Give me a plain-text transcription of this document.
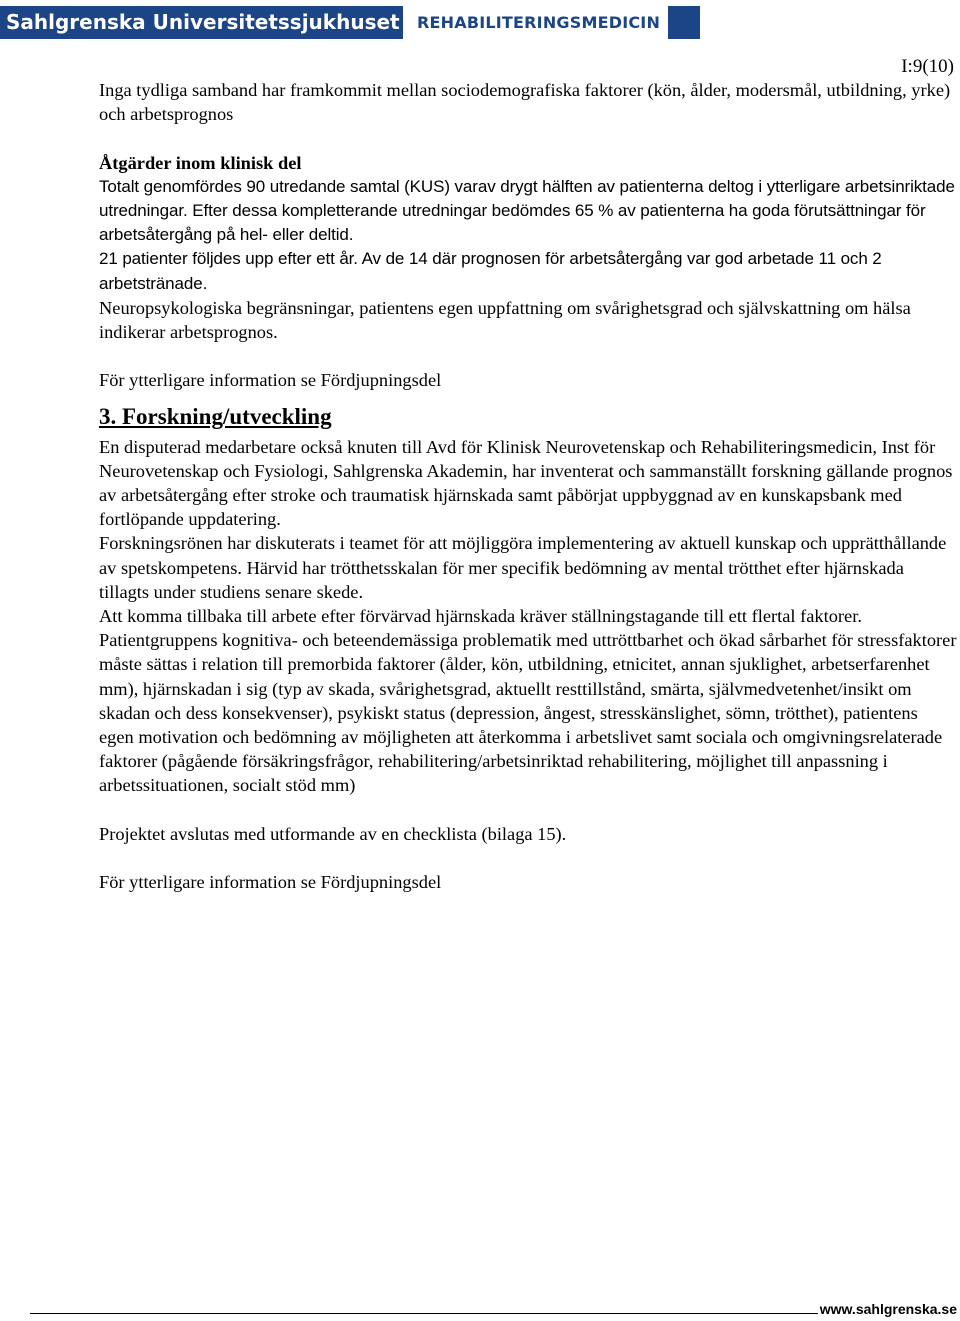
Sahlgrenska Universitetssjukhuset	REHABILITERINGSMEDICIN
I:9(10)

Inga tydliga samband har framkommit mellan sociodemografiska faktorer (kön, ålder, modersmål, utbildning, yrke) och arbetsprognos

Åtgärder inom klinisk del

Totalt genomfördes 90 utredande samtal (KUS) varav drygt hälften av patienterna deltog i ytterligare arbetsinriktade utredningar. Efter dessa kompletterande utredningar bedömdes 65 % av patienterna ha goda förutsättningar för arbetsåtergång på hel- eller deltid.

21 patienter följdes upp efter ett år. Av de 14 där prognosen för arbetsåtergång var god arbetade 11 och 2 arbetstränade.

Neuropsykologiska begränsningar, patientens egen uppfattning om svårighetsgrad och självskattning om hälsa indikerar arbetsprognos.

För ytterligare information se Fördjupningsdel

3. Forskning/utveckling

En disputerad medarbetare också knuten till Avd för Klinisk Neurovetenskap och Rehabiliteringsmedicin, Inst för Neurovetenskap och Fysiologi, Sahlgrenska Akademin, har inventerat och sammanställt forskning gällande prognos av arbetsåtergång efter stroke och traumatisk hjärnskada samt påbörjat uppbyggnad av en kunskapsbank med fortlöpande uppdatering.

Forskningsrönen har diskuterats i teamet för att möjliggöra implementering av aktuell kunskap och upprätthållande av spetskompetens. Härvid har trötthetsskalan för mer specifik bedömning av mental trötthet efter hjärnskada tillagts under studiens senare skede.

Att komma tillbaka till arbete efter förvärvad hjärnskada kräver ställningstagande till ett flertal faktorer. Patientgruppens kognitiva- och beteendemässiga problematik med uttröttbarhet och ökad sårbarhet för stressfaktorer måste sättas i relation till premorbida faktorer (ålder, kön, utbildning, etnicitet, annan sjuklighet, arbetserfarenhet mm), hjärnskadan i sig (typ av skada, svårighetsgrad, aktuellt resttillstånd, smärta, självmedvetenhet/insikt om skadan och dess konsekvenser), psykiskt status (depression, ångest, stresskänslighet, sömn, trötthet), patientens egen motivation och bedömning av möjligheten att återkomma i arbetslivet samt sociala och omgivningsrelaterade faktorer (pågående försäkringsfrågor, rehabilitering/arbetsinriktad rehabilitering, möjlighet till anpassning i arbetssituationen, socialt stöd mm)

Projektet avslutas med utformande av en checklista (bilaga 15).

För ytterligare information se Fördjupningsdel

www.sahlgrenska.se
